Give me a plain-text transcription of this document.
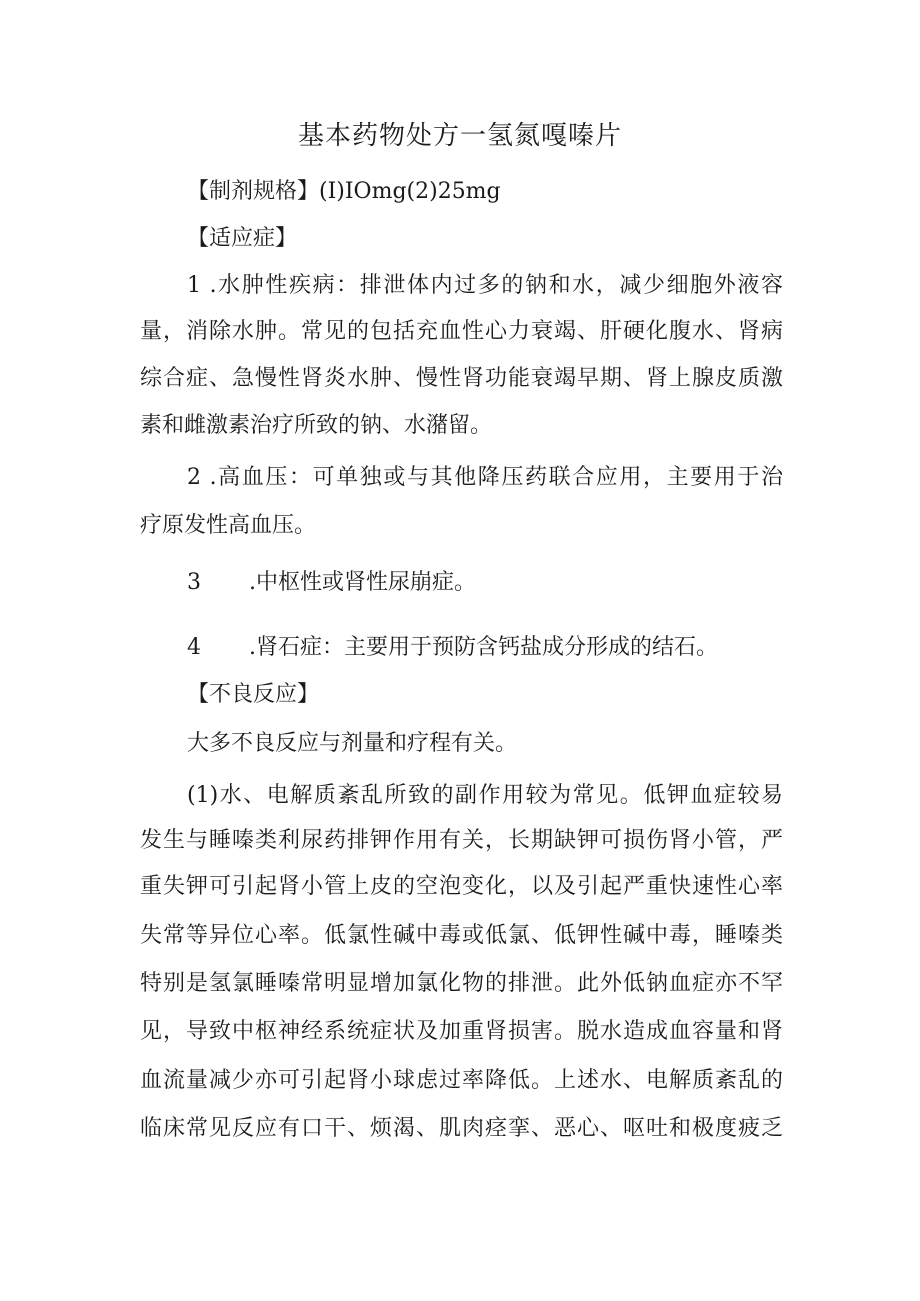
基本药物处方一氢氮嘎嗪片
【制剂规格】(I)IOmg(2)25mg
【适应症】
1 .水肿性疾病：排泄体内过多的钠和水，减少细胞外液容
量，消除水肿。常见的包括充血性心力衰竭、肝硬化腹水、肾病
综合症、急慢性肾炎水肿、慢性肾功能衰竭早期、肾上腺皮质激
素和雌激素治疗所致的钠、水潴留。
2 .高血压：可单独或与其他降压药联合应用，主要用于治
疗原发性高血压。
3 .中枢性或肾性尿崩症。
4 .肾石症：主要用于预防含钙盐成分形成的结石。
【不良反应】
大多不良反应与剂量和疗程有关。
(1)水、电解质紊乱所致的副作用较为常见。低钾血症较易
发生与睡嗪类利尿药排钾作用有关，长期缺钾可损伤肾小管，严
重失钾可引起肾小管上皮的空泡变化，以及引起严重快速性心率
失常等异位心率。低氯性碱中毒或低氯、低钾性碱中毒，睡嗪类
特别是氢氯睡嗪常明显增加氯化物的排泄。此外低钠血症亦不罕
见，导致中枢神经系统症状及加重肾损害。脱水造成血容量和肾
血流量减少亦可引起肾小球虑过率降低。上述水、电解质紊乱的
临床常见反应有口干、烦渴、肌肉痉挛、恶心、呕吐和极度疲乏
